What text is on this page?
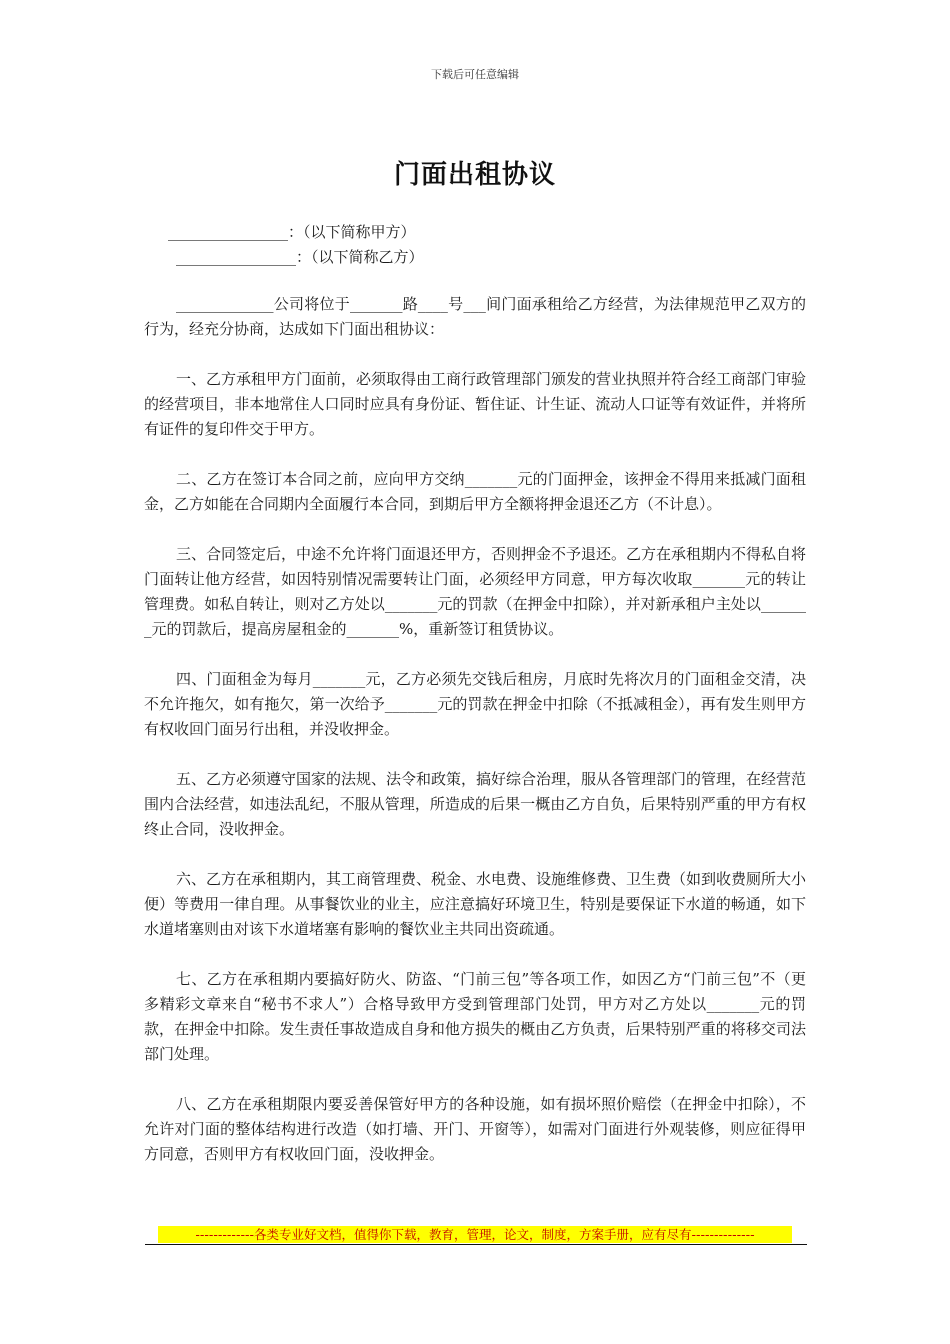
下载后可任意编辑
门面出租协议
________________：（以下简称甲方）
________________：（以下简称乙方）

_____________公司将位于_______路____号___间门面承租给乙方经营，为法律规范甲乙双方的行为，经充分协商，达成如下门面出租协议：

一、乙方承租甲方门面前，必须取得由工商行政管理部门颁发的营业执照并符合经工商部门审验的经营项目，非本地常住人口同时应具有身份证、暂住证、计生证、流动人口证等有效证件，并将所有证件的复印件交于甲方。

二、乙方在签订本合同之前，应向甲方交纳_______元的门面押金，该押金不得用来抵减门面租金，乙方如能在合同期内全面履行本合同，到期后甲方全额将押金退还乙方（不计息）。

三、合同签定后，中途不允许将门面退还甲方，否则押金不予退还。乙方在承租期内不得私自将门面转让他方经营，如因特别情况需要转让门面，必须经甲方同意，甲方每次收取_______元的转让管理费。如私自转让，则对乙方处以_______元的罚款（在押金中扣除），并对新承租户主处以_______元的罚款后，提高房屋租金的_______%，重新签订租赁协议。

四、门面租金为每月_______元，乙方必须先交钱后租房，月底时先将次月的门面租金交清，决不允许拖欠，如有拖欠，第一次给予_______元的罚款在押金中扣除（不抵减租金），再有发生则甲方有权收回门面另行出租，并没收押金。

五、乙方必须遵守国家的法规、法令和政策，搞好综合治理，服从各管理部门的管理，在经营范围内合法经营，如违法乱纪，不服从管理，所造成的后果一概由乙方自负，后果特别严重的甲方有权终止合同，没收押金。

六、乙方在承租期内，其工商管理费、税金、水电费、设施维修费、卫生费（如到收费厕所大小便）等费用一律自理。从事餐饮业的业主，应注意搞好环境卫生，特别是要保证下水道的畅通，如下水道堵塞则由对该下水道堵塞有影响的餐饮业主共同出资疏通。

七、乙方在承租期内要搞好防火、防盗、“门前三包”等各项工作，如因乙方“门前三包”不（更多精彩文章来自“秘书不求人”）合格导致甲方受到管理部门处罚，甲方对乙方处以_______元的罚款，在押金中扣除。发生责任事故造成自身和他方损失的概由乙方负责，后果特别严重的将移交司法部门处理。

八、乙方在承租期限内要妥善保管好甲方的各种设施，如有损坏照价赔偿（在押金中扣除），不允许对门面的整体结构进行改造（如打墙、开门、开窗等），如需对门面进行外观装修，则应征得甲方同意，否则甲方有权收回门面，没收押金。

-------------各类专业好文档，值得你下载，教育，管理，论文，制度，方案手册，应有尽有--------------
